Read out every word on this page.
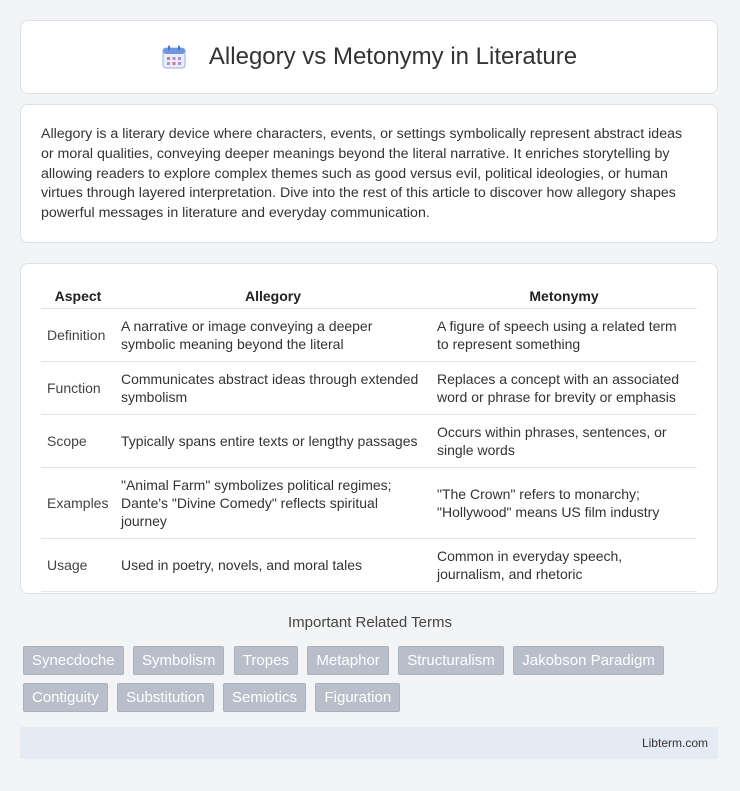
Allegory vs Metonymy in Literature

Allegory is a literary device where characters, events, or settings symbolically represent abstract ideas or moral qualities, conveying deeper meanings beyond the literal narrative. It enriches storytelling by allowing readers to explore complex themes such as good versus evil, political ideologies, or human virtues through layered interpretation. Dive into the rest of this article to discover how allegory shapes powerful messages in literature and everyday communication.

Aspect	Allegory	Metonymy
Definition	A narrative or image conveying a deeper symbolic meaning beyond the literal	A figure of speech using a related term to represent something
Function	Communicates abstract ideas through extended symbolism	Replaces a concept with an associated word or phrase for brevity or emphasis
Scope	Typically spans entire texts or lengthy passages	Occurs within phrases, sentences, or single words
Examples	"Animal Farm" symbolizes political regimes; Dante's "Divine Comedy" reflects spiritual journey	"The Crown" refers to monarchy; "Hollywood" means US film industry
Usage	Used in poetry, novels, and moral tales	Common in everyday speech, journalism, and rhetoric
Important Related Terms
Synecdoche Symbolism Tropes Metaphor Structuralism Jakobson Paradigm
Contiguity Substitution Semiotics Figuration
Libterm.com
